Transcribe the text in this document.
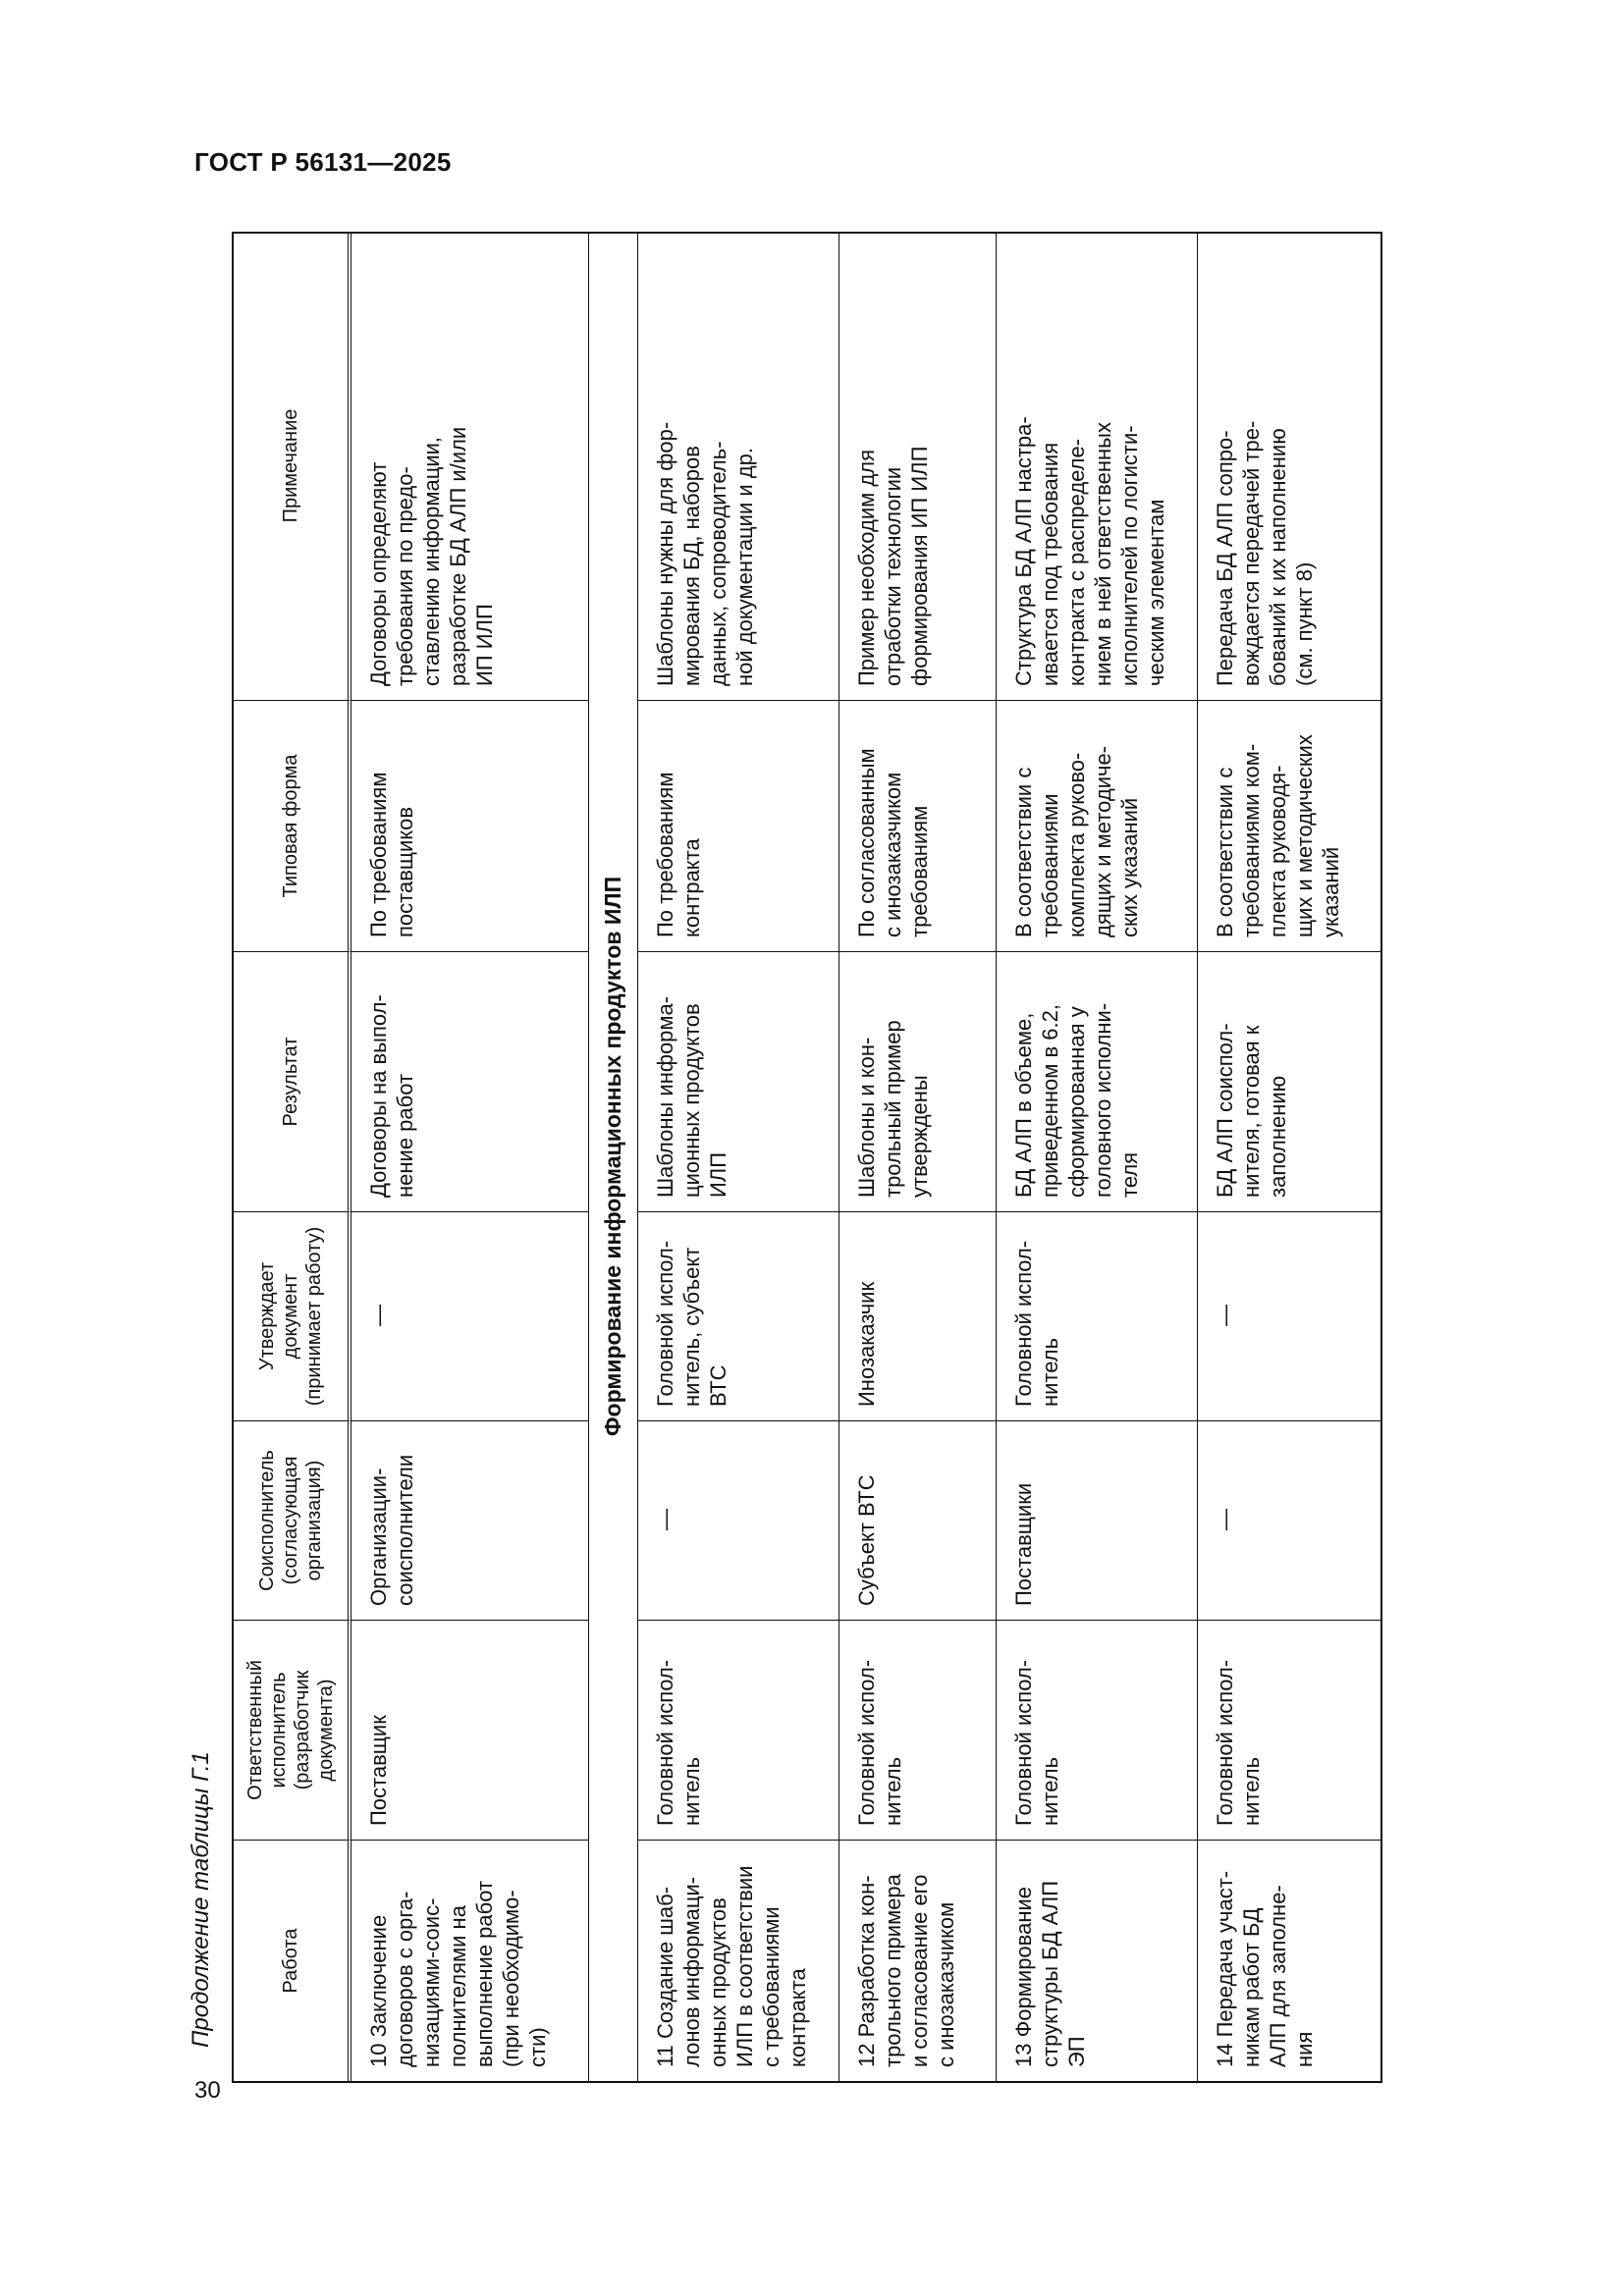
ГОСТ Р 56131—2025
Продолжение таблицы Г.1
30
Работа
Ответственный
исполнитель
(разработчик
документа)
Соисполнитель
(согласующая
организация)
Утверждает
документ
(принимает работу)
Результат
Типовая форма
Примечание
10 Заключение
договоров с орга-
низациями-соис-
полнителями на
выполнение работ
(при необходимо-
сти)
Поставщик
Организации-
соисполнители
—
Договоры на выпол-
нение работ
По требованиям
поставщиков
Договоры определяют
требования по предо-
ставлению информации,
разработке БД АЛП и/или
ИП ИЛП
Формирование информационных продуктов ИЛП
11 Создание шаб-
лонов информаци-
онных продуктов
ИЛП в соответствии
с требованиями
контракта
Головной испол-
нитель
—
Головной испол-
нитель, субъект
ВТС
Шаблоны информа-
ционных продуктов
ИЛП
По требованиям
контракта
Шаблоны нужны для фор-
мирования БД, наборов
данных, сопроводитель-
ной документации и др.
12 Разработка кон-
трольного примера
и согласование его
с инозаказчиком
Головной испол-
нитель
Субъект ВТС
Инозаказчик
Шаблоны и кон-
трольный пример
утверждены
По согласованным
с инозаказчиком
требованиям
Пример необходим для
отработки технологии
формирования ИП ИЛП
13 Формирование
структуры БД АЛП
ЭП
Головной испол-
нитель
Поставщики
Головной испол-
нитель
БД АЛП в объеме,
приведенном в 6.2,
сформированная у
головного исполни-
теля
В соответствии с
требованиями
комплекта руково-
дящих и методиче-
ских указаний
Структура БД АЛП настра-
ивается под требования
контракта с распределе-
нием в ней ответственных
исполнителей по логисти-
ческим элементам
14 Передача участ-
никам работ БД
АЛП для заполне-
ния
Головной испол-
нитель
—
—
БД АЛП соиспол-
нителя, готовая к
заполнению
В соответствии с
требованиями ком-
плекта руководя-
щих и методических
указаний
Передача БД АЛП сопро-
вождается передачей тре-
бований к их наполнению
(см. пункт 8)
